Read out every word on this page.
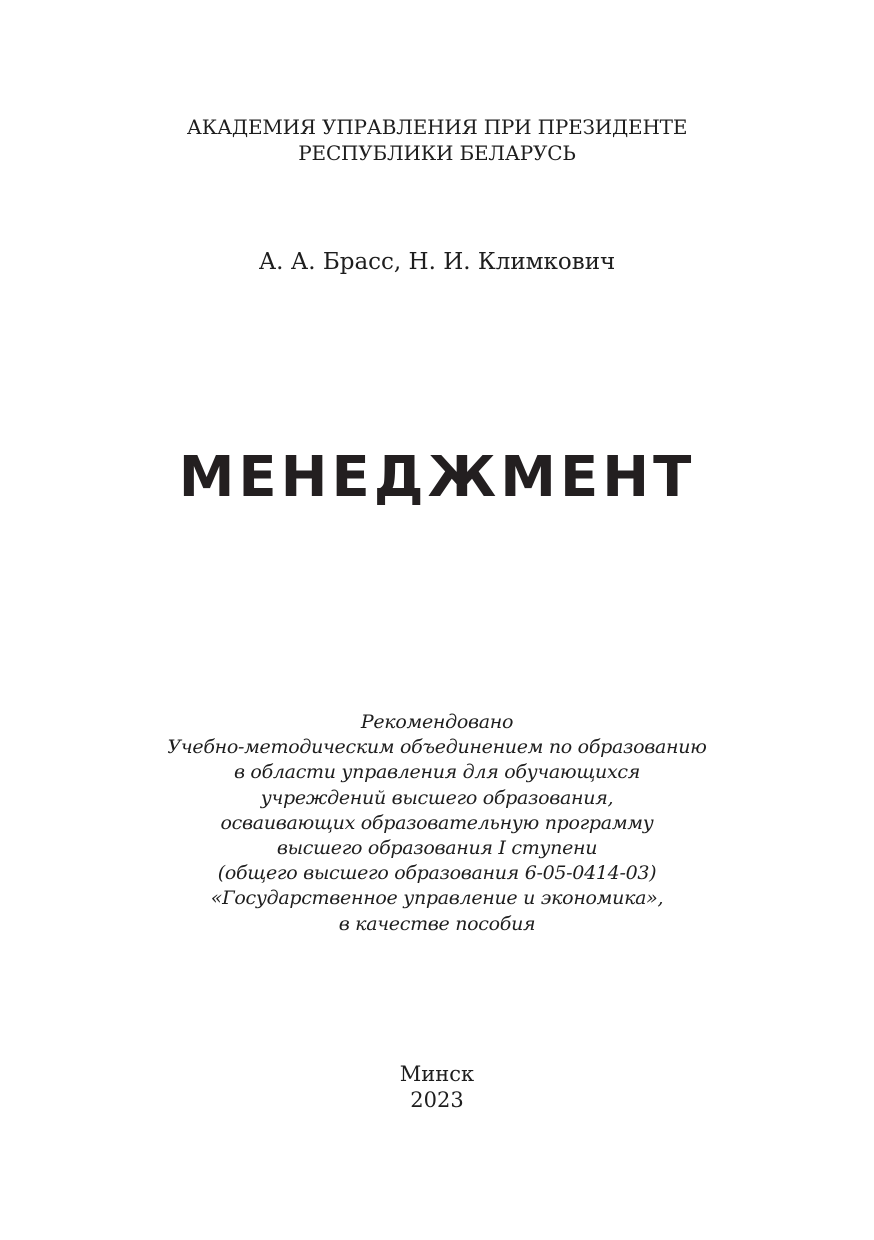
АКАДЕМИЯ УПРАВЛЕНИЯ ПРИ ПРЕЗИДЕНТЕ
РЕСПУБЛИКИ БЕЛАРУСЬ
А. А. Брасс, Н. И. Климкович
МЕНЕДЖМЕНТ
Рекомендовано
Учебно-методическим объединением по образованию
в области управления для обучающихся
учреждений высшего образования,
осваивающих образовательную программу
высшего образования I ступени
(общего высшего образования 6-05-0414-03)
«Государственное управление и экономика»,
в качестве пособия
Минск
2023
